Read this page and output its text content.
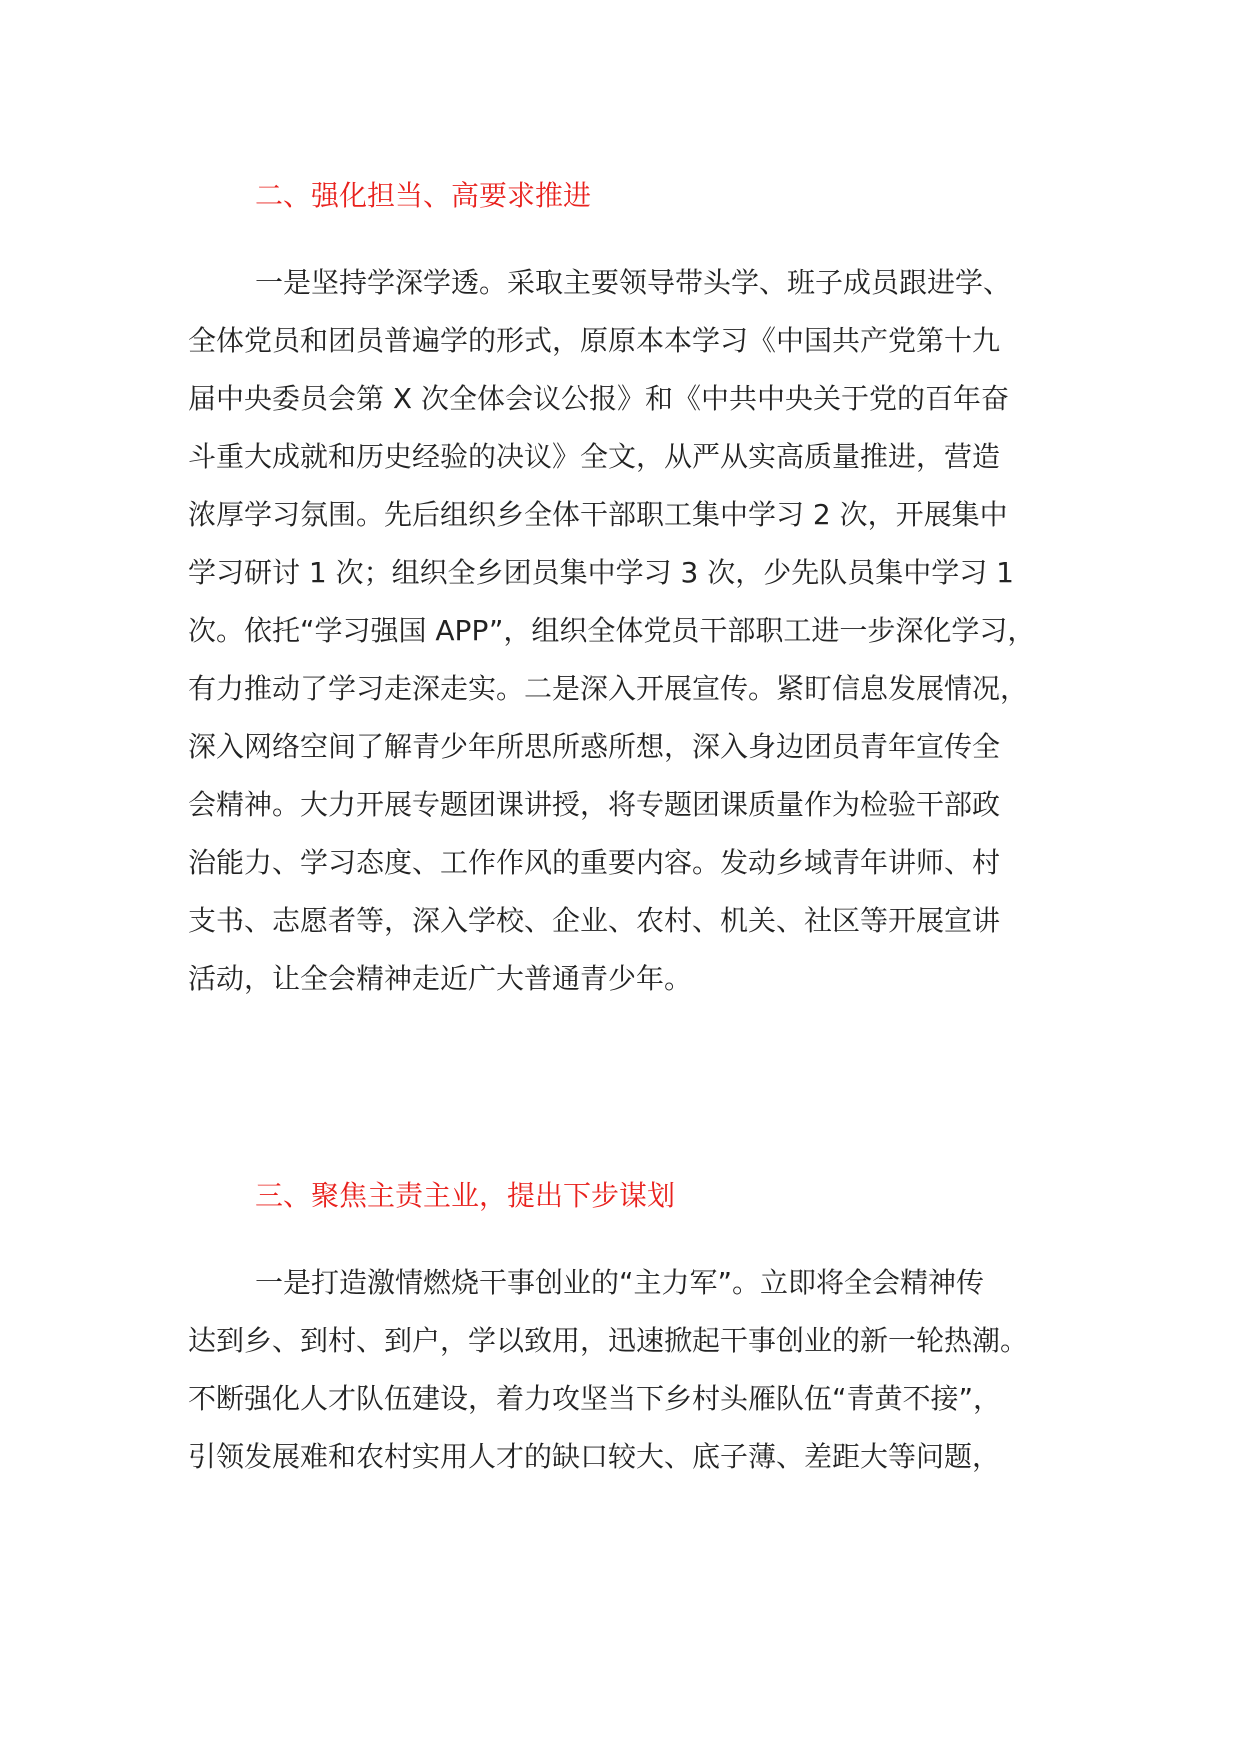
二、强化担当、高要求推进
一是坚持学深学透。采取主要领导带头学、班子成员跟进学、
全体党员和团员普遍学的形式，原原本本学习《中国共产党第十九
届中央委员会第 X 次全体会议公报》和《中共中央关于党的百年奋
斗重大成就和历史经验的决议》全文，从严从实高质量推进，营造
浓厚学习氛围。先后组织乡全体干部职工集中学习 2 次，开展集中
学习研讨 1 次；组织全乡团员集中学习 3 次，少先队员集中学习 1
次。依托“学习强国 APP”，组织全体党员干部职工进一步深化学习，
有力推动了学习走深走实。二是深入开展宣传。紧盯信息发展情况，
深入网络空间了解青少年所思所惑所想，深入身边团员青年宣传全
会精神。大力开展专题团课讲授，将专题团课质量作为检验干部政
治能力、学习态度、工作作风的重要内容。发动乡域青年讲师、村
支书、志愿者等，深入学校、企业、农村、机关、社区等开展宣讲
活动，让全会精神走近广大普通青少年。
三、聚焦主责主业，提出下步谋划
一是打造激情燃烧干事创业的“主力军”。立即将全会精神传
达到乡、到村、到户，学以致用，迅速掀起干事创业的新一轮热潮。
不断强化人才队伍建设，着力攻坚当下乡村头雁队伍“青黄不接”，
引领发展难和农村实用人才的缺口较大、底子薄、差距大等问题，
